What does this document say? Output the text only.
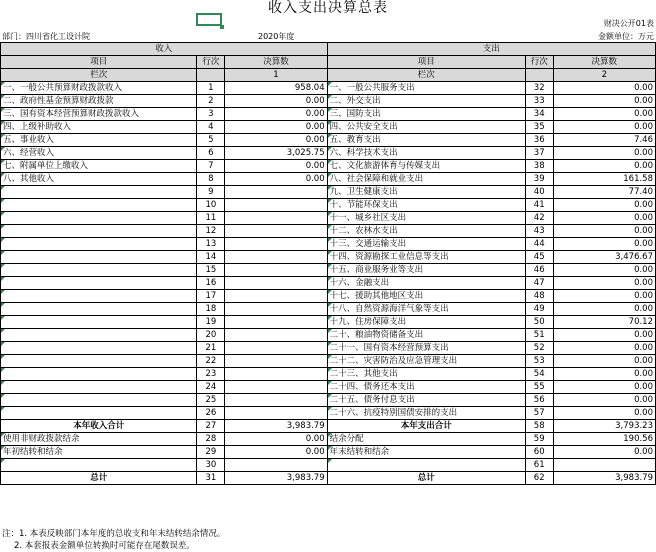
收入支出决算总表
财决公开01表
部门：四川省化工设计院	2020年度	金额单位：万元
收入			支出		
项目	行次	决算数	项目	行次	决算数
栏次		1	栏次		2
一、一般公共预算财政拨款收入	1	958.04	一、一般公共服务支出	32	0.00
二、政府性基金预算财政拨款	2	0.00	二、外交支出	33	0.00
三、国有资本经营预算财政拨款收入	3	0.00	三、国防支出	34	0.00
四、上级补助收入	4	0.00	四、公共安全支出	35	0.00
五、事业收入	5	0.00	五、教育支出	36	7.46
六、经营收入	6	3,025.75	六、科学技术支出	37	0.00
七、附属单位上缴收入	7	0.00	七、文化旅游体育与传媒支出	38	0.00
八、其他收入	8	0.00	八、社会保障和就业支出	39	161.58
	9		九、卫生健康支出	40	77.40
	10		十、节能环保支出	41	0.00
	11		十一、城乡社区支出	42	0.00
	12		十二、农林水支出	43	0.00
	13		十三、交通运输支出	44	0.00
	14		十四、资源勘探工业信息等支出	45	3,476.67
	15		十五、商业服务业等支出	46	0.00
	16		十六、金融支出	47	0.00
	17		十七、援助其他地区支出	48	0.00
	18		十八、自然资源海洋气象等支出	49	0.00
	19		十九、住房保障支出	50	70.12
	20		二十、粮油物资储备支出	51	0.00
	21		二十一、国有资本经营预算支出	52	0.00
	22		二十二、灾害防治及应急管理支出	53	0.00
	23		二十三、其他支出	54	0.00
	24		二十四、债务还本支出	55	0.00
	25		二十五、债务付息支出	56	0.00
	26		二十六、抗疫特别国债安排的支出	57	0.00
本年收入合计	27	3,983.79	本年支出合计	58	3,793.23
使用非财政拨款结余	28	0.00	结余分配	59	190.56
年初结转和结余	29	0.00	年末结转和结余	60	0.00
	30			61	
总计	31	3,983.79	总计	62	3,983.79
注：1. 本表反映部门本年度的总收支和年末结转结余情况。
2. 本套报表金额单位转换时可能存在尾数误差。
